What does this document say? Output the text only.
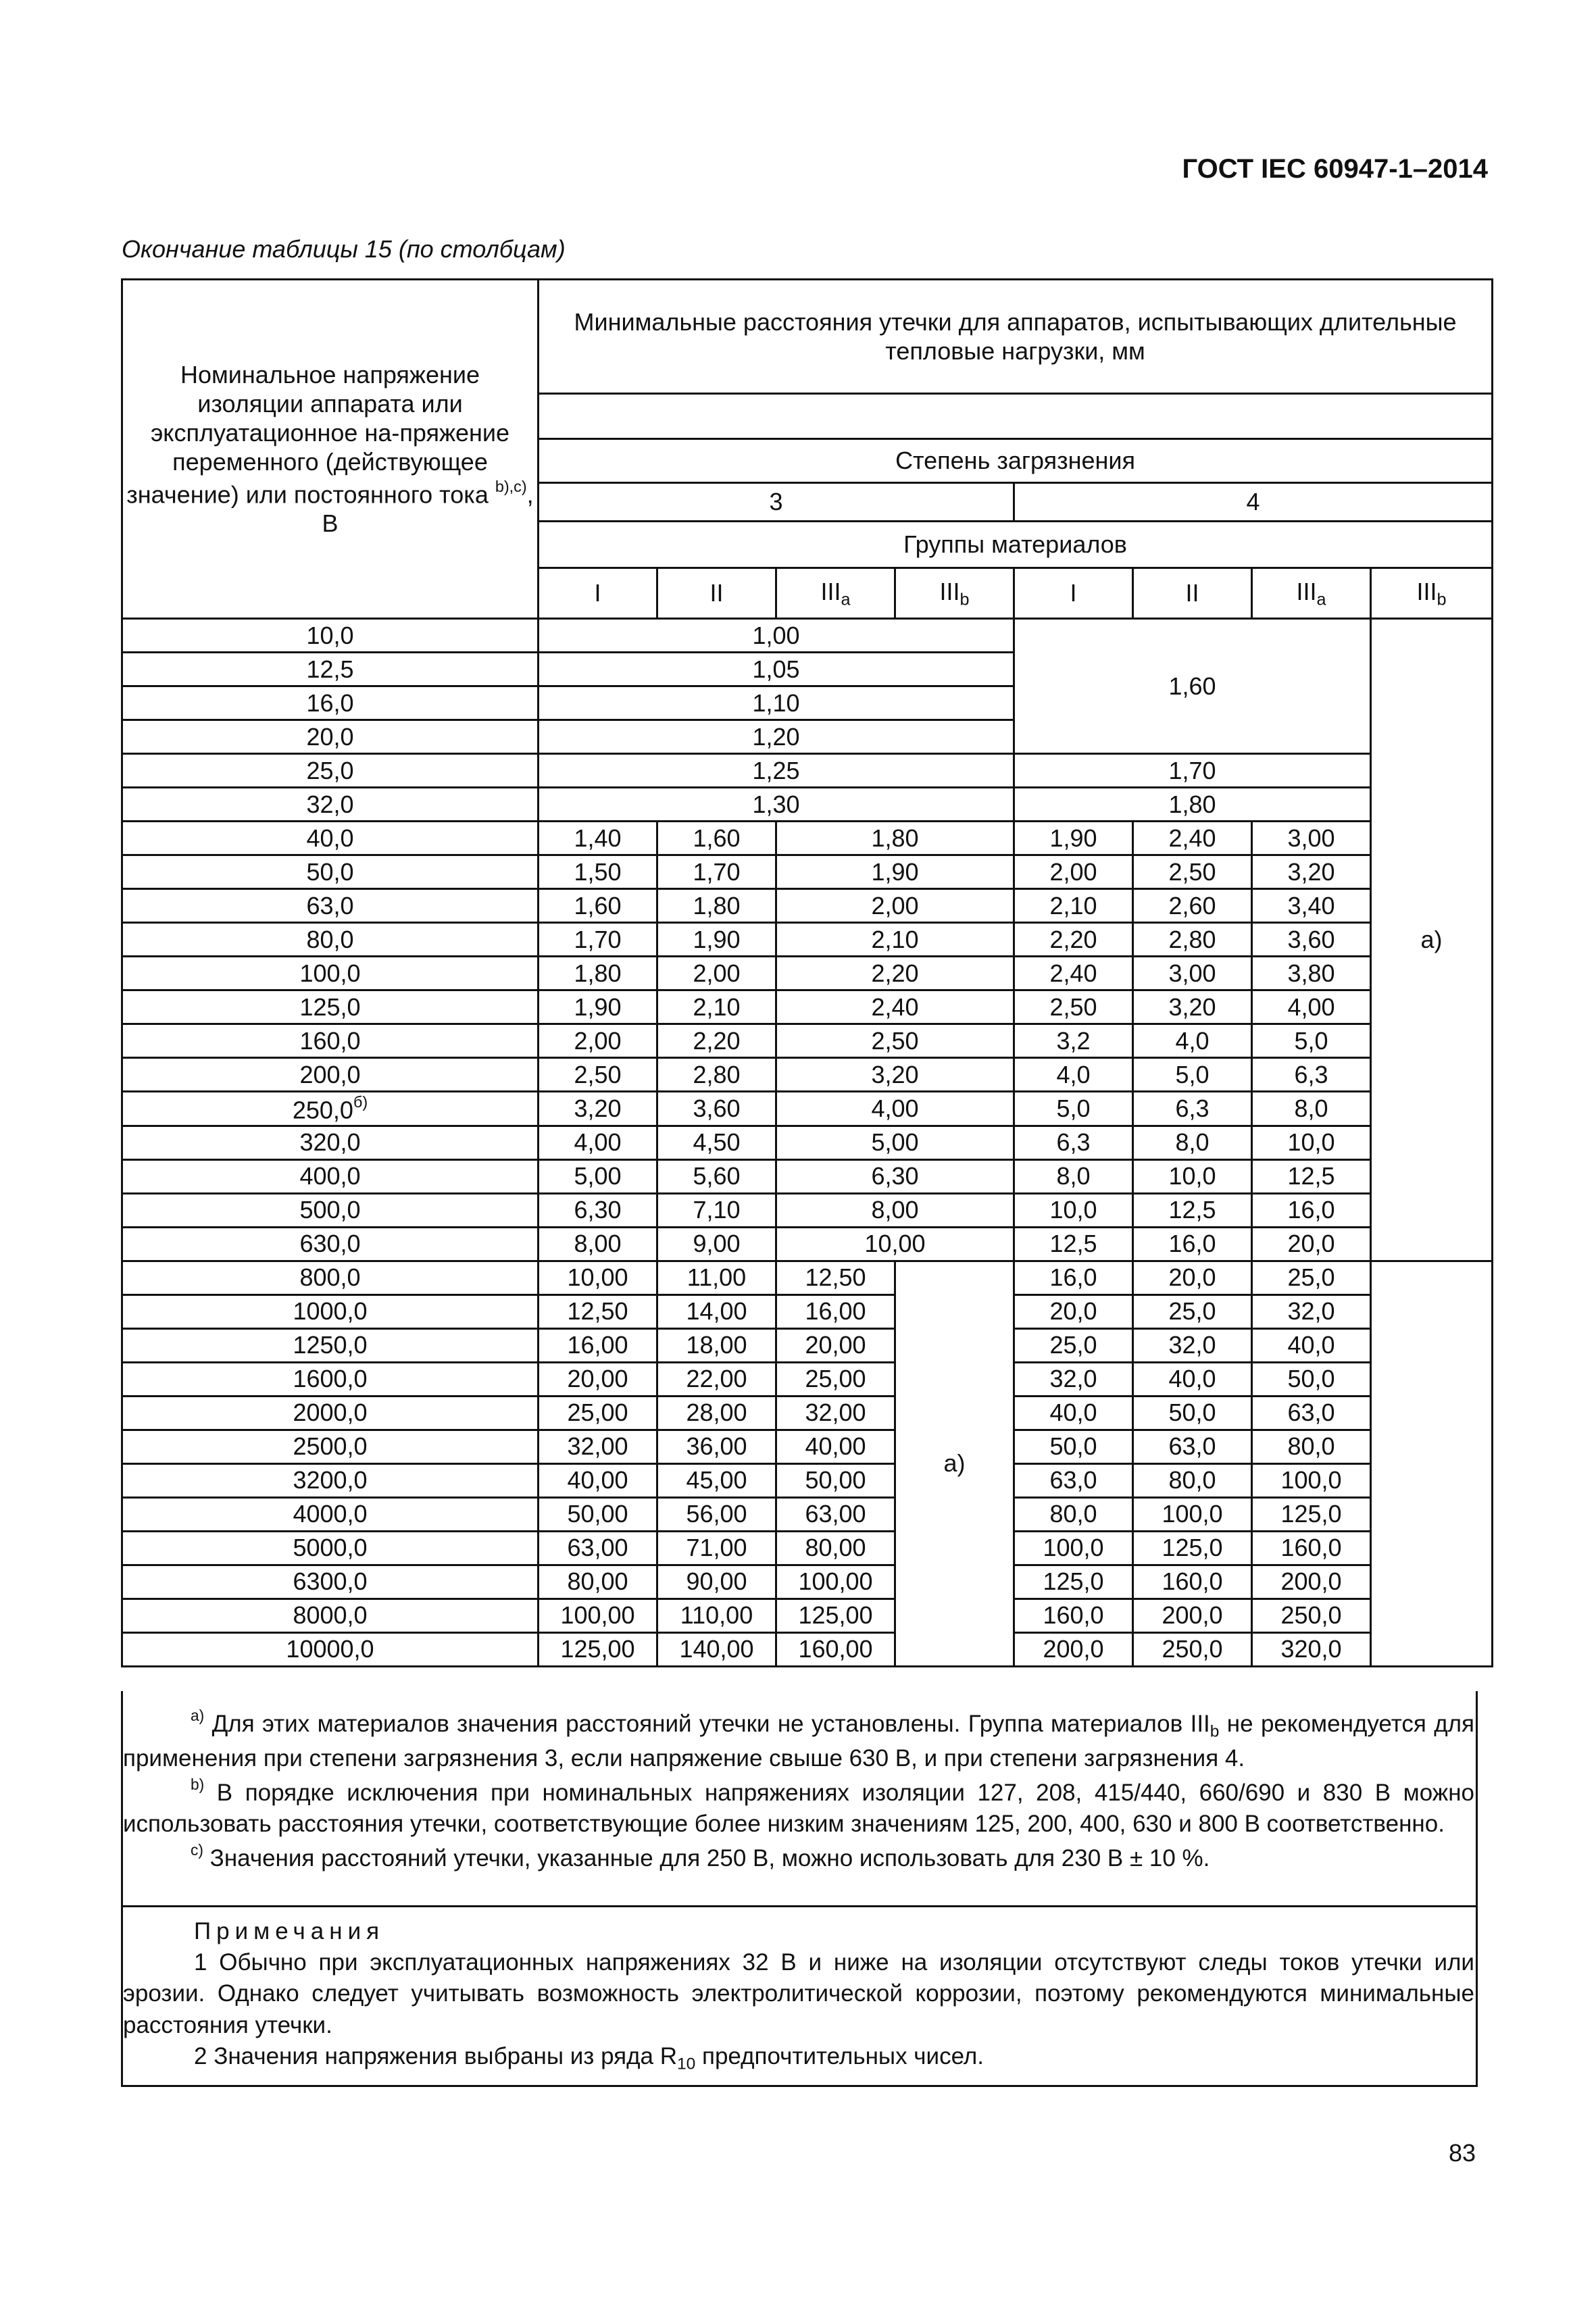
ГОСТ IEC 60947-1–2014
Окончание таблицы 15 (по столбцам)
Номинальное напряжение изоляции аппарата или эксплуатационное на-пряжение переменного (действующее значение) или постоянного тока $^{b),c)}$, В	Минимальные расстояния утечки для аппаратов, испытывающих длительные тепловые нагрузки, мм							

	Степень загрязнения							
	3				4			
	Группы материалов							
	I	II	$III_a$	$III_b$	I	II	$III_a$	$III_b$
10,0	1,00				1,60			a)
12,5	1,05							
16,0	1,10							
20,0	1,20							
25,0	1,25				1,70			
32,0	1,30				1,80			
40,0	1,40	1,60	1,80		1,90	2,40	3,00	
50,0	1,50	1,70	1,90		2,00	2,50	3,20	
63,0	1,60	1,80	2,00		2,10	2,60	3,40	
80,0	1,70	1,90	2,10		2,20	2,80	3,60	
100,0	1,80	2,00	2,20		2,40	3,00	3,80	
125,0	1,90	2,10	2,40		2,50	3,20	4,00	
160,0	2,00	2,20	2,50		3,2	4,0	5,0	
200,0	2,50	2,80	3,20		4,0	5,0	6,3	
$250,0^{б)}$	3,20	3,60	4,00		5,0	6,3	8,0	
320,0	4,00	4,50	5,00		6,3	8,0	10,0	
400,0	5,00	5,60	6,30		8,0	10,0	12,5	
500,0	6,30	7,10	8,00		10,0	12,5	16,0	
630,0	8,00	9,00	10,00		12,5	16,0	20,0	
800,0	10,00	11,00	12,50	a)	16,0	20,0	25,0	
1000,0	12,50	14,00	16,00		20,0	25,0	32,0	
1250,0	16,00	18,00	20,00		25,0	32,0	40,0	
1600,0	20,00	22,00	25,00		32,0	40,0	50,0	
2000,0	25,00	28,00	32,00		40,0	50,0	63,0	
2500,0	32,00	36,00	40,00		50,0	63,0	80,0	
3200,0	40,00	45,00	50,00		63,0	80,0	100,0	
4000,0	50,00	56,00	63,00		80,0	100,0	125,0	
5000,0	63,00	71,00	80,00		100,0	125,0	160,0	
6300,0	80,00	90,00	100,00		125,0	160,0	200,0	
8000,0	100,00	110,00	125,00		160,0	200,0	250,0	
10000,0	125,00	140,00	160,00		200,0	250,0	320,0	

$^{a)}$ Для этих материалов значения расстояний утечки не установлены. Группа материалов $III_b$ не рекомендуется для применения при степени загрязнения 3, если напряжение свыше 630 В, и при степени загрязнения 4.

$^{b)}$ В порядке исключения при номинальных напряжениях изоляции 127, 208, 415/440, 660/690 и 830 В можно использовать расстояния утечки, соответствующие более низким значениям 125, 200, 400, 630 и 800 В соответственно.

$^{c)}$ Значения расстояний утечки, указанные для 250 В, можно использовать для 230 В ± 10 %.

Примечания

1 Обычно при эксплуатационных напряжениях 32 В и ниже на изоляции отсутствуют следы токов утечки или эрозии. Однако следует учитывать возможность электролитической коррозии, поэтому рекомендуются минимальные расстояния утечки.

2 Значения напряжения выбраны из ряда $R_{10}$ предпочтительных чисел.

83
